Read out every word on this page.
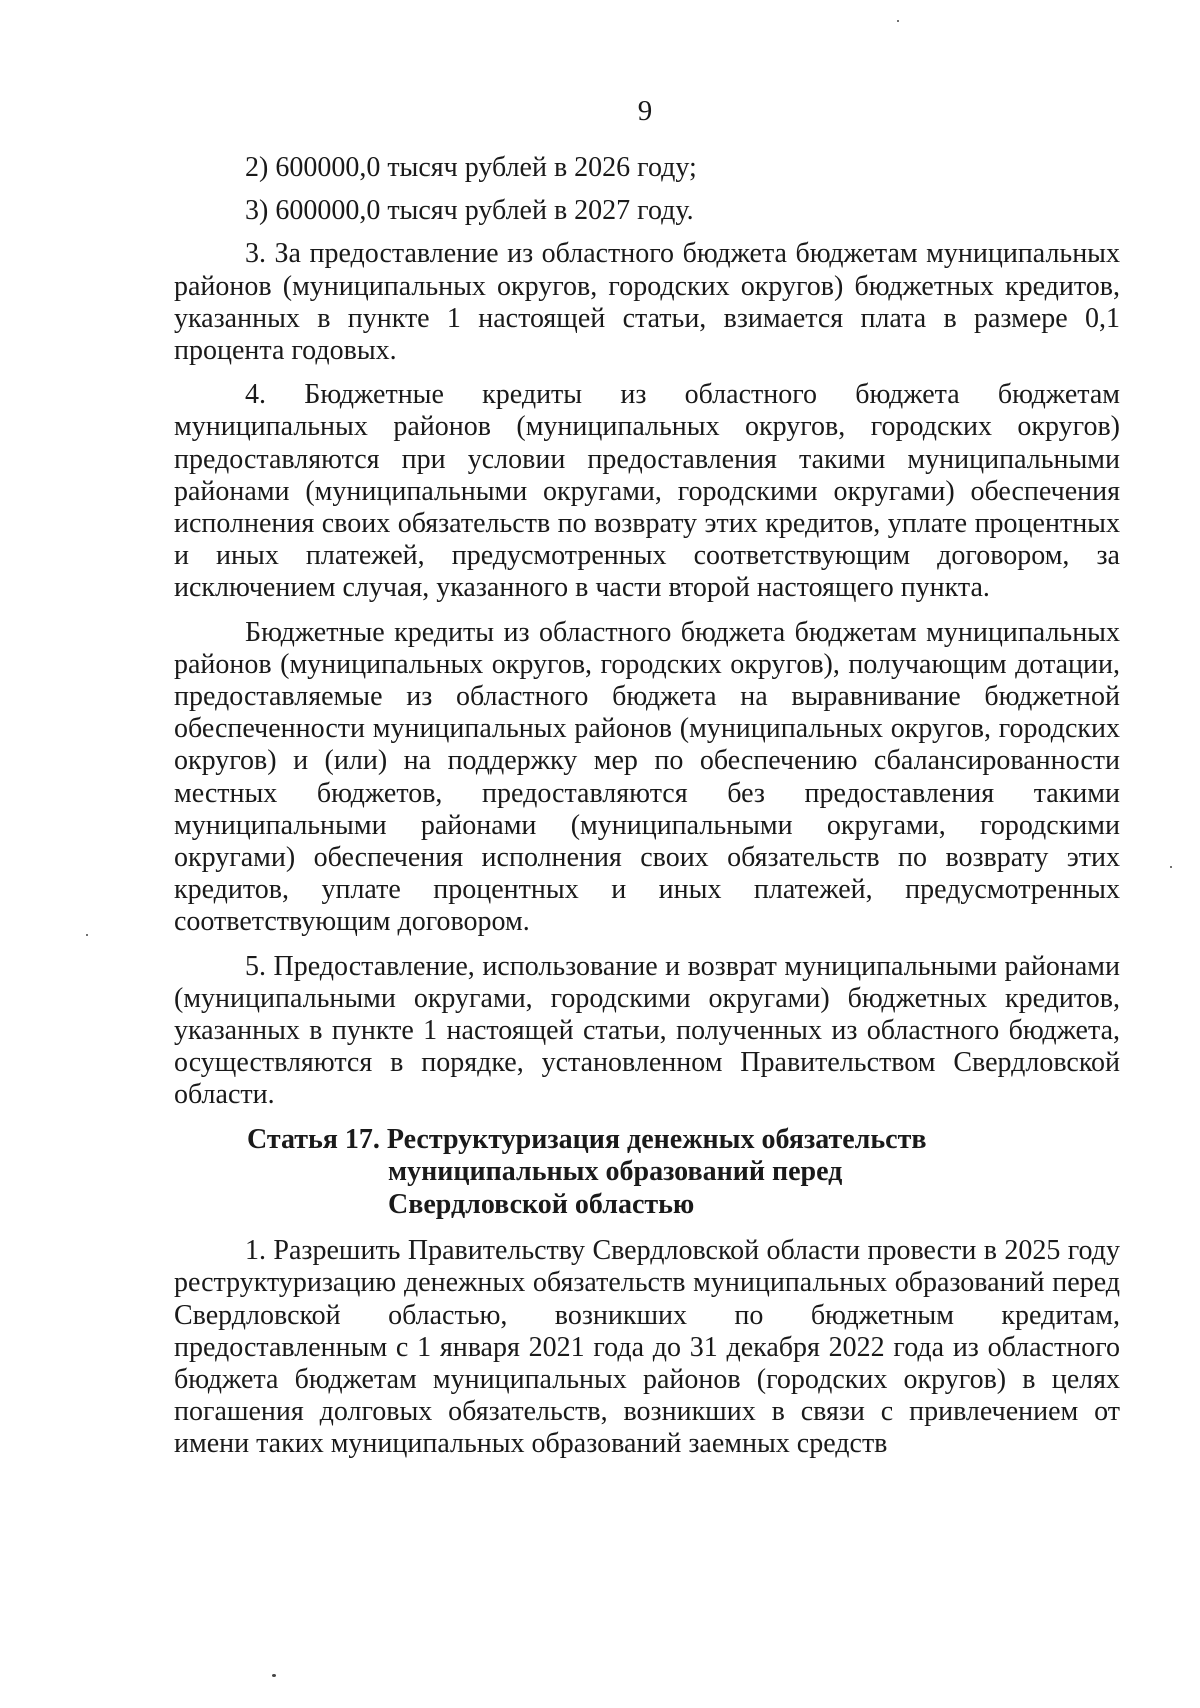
9

2) 600000,0 тысяч рублей в 2026 году;

3) 600000,0 тысяч рублей в 2027 году.

3. За предоставление из областного бюджета бюджетам муниципальных районов (муниципальных округов, городских округов) бюджетных кредитов, указанных в пункте 1 настоящей статьи, взимается плата в размере 0,1 процента годовых.

4. Бюджетные кредиты из областного бюджета бюджетам муниципальных районов (муниципальных округов, городских округов) предоставляются при условии предоставления такими муниципальными районами (муниципальными округами, городскими округами) обеспечения исполнения своих обязательств по возврату этих кредитов, уплате процентных и иных платежей, предусмотренных соответствующим договором, за исключением случая, указанного в части второй настоящего пункта.

Бюджетные кредиты из областного бюджета бюджетам муниципальных районов (муниципальных округов, городских округов), получающим дотации, предоставляемые из областного бюджета на выравнивание бюджетной обеспеченности муниципальных районов (муниципальных округов, городских округов) и (или) на поддержку мер по обеспечению сбалансированности местных бюджетов, предоставляются без предоставления такими муниципальными районами (муниципальными округами, городскими округами) обеспечения исполнения своих обязательств по возврату этих кредитов, уплате процентных и иных платежей, предусмотренных соответствующим договором.

5. Предоставление, использование и возврат муниципальными районами (муниципальными округами, городскими округами) бюджетных кредитов, указанных в пункте 1 настоящей статьи, полученных из областного бюджета, осуществляются в порядке, установленном Правительством Свердловской области.

Статья 17. Реструктуризация денежных обязательств
муниципальных образований перед
Свердловской областью

1. Разрешить Правительству Свердловской области провести в 2025 году реструктуризацию денежных обязательств муниципальных образований перед Свердловской областью, возникших по бюджетным кредитам, предоставленным с 1 января 2021 года до 31 декабря 2022 года из областного бюджета бюджетам муниципальных районов (городских округов) в целях погашения долговых обязательств, возникших в связи с привлечением от имени таких муниципальных образований заемных средств
